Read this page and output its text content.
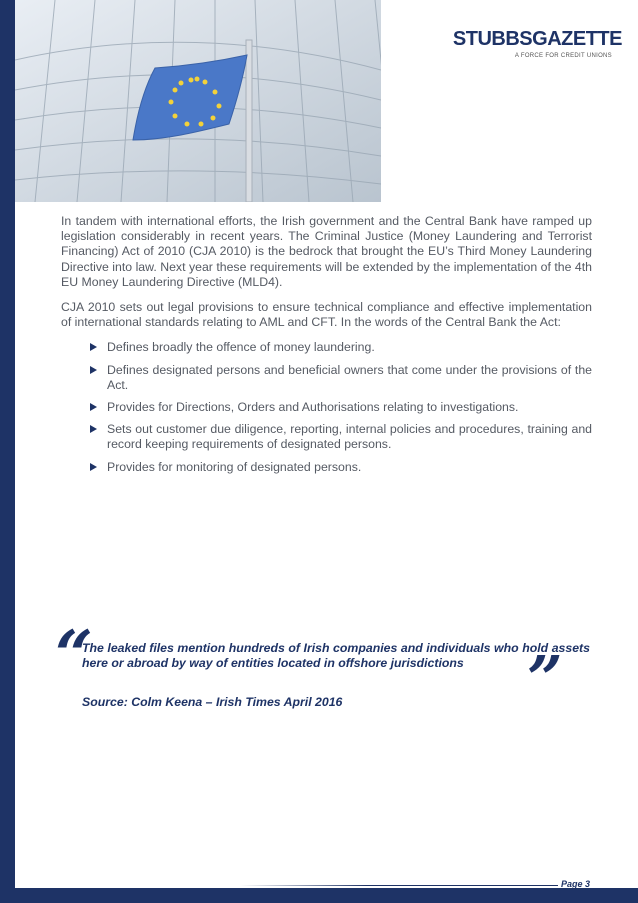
STUBBSGAZETTE
A FORCE FOR CREDIT UNIONS

In tandem with international efforts, the Irish government and the Central Bank have ramped up legislation considerably in recent years. The Criminal Justice (Money Laundering and Terrorist Financing) Act of 2010 (CJA 2010) is the bedrock that brought the EU’s Third Money Laundering Directive into law. Next year these requirements will be extended by the implementation of the 4th EU Money Laundering Directive (MLD4).

CJA 2010 sets out legal provisions to ensure technical compliance and effective implementation of international standards relating to AML and CFT. In the words of the Central Bank the Act:

Defines broadly the offence of money laundering.
Defines designated persons and beneficial owners that come under the provisions of the Act.
Provides for Directions, Orders and Authorisations relating to investigations.
Sets out customer due diligence, reporting, internal policies and procedures, training and record keeping requirements of designated persons.
Provides for monitoring of designated persons.
“
The leaked files mention hundreds of Irish companies and individuals who hold assets here or abroad by way of entities located in offshore jurisdictions	”
Source: Colm Keena – Irish Times April 2016
Page 3
